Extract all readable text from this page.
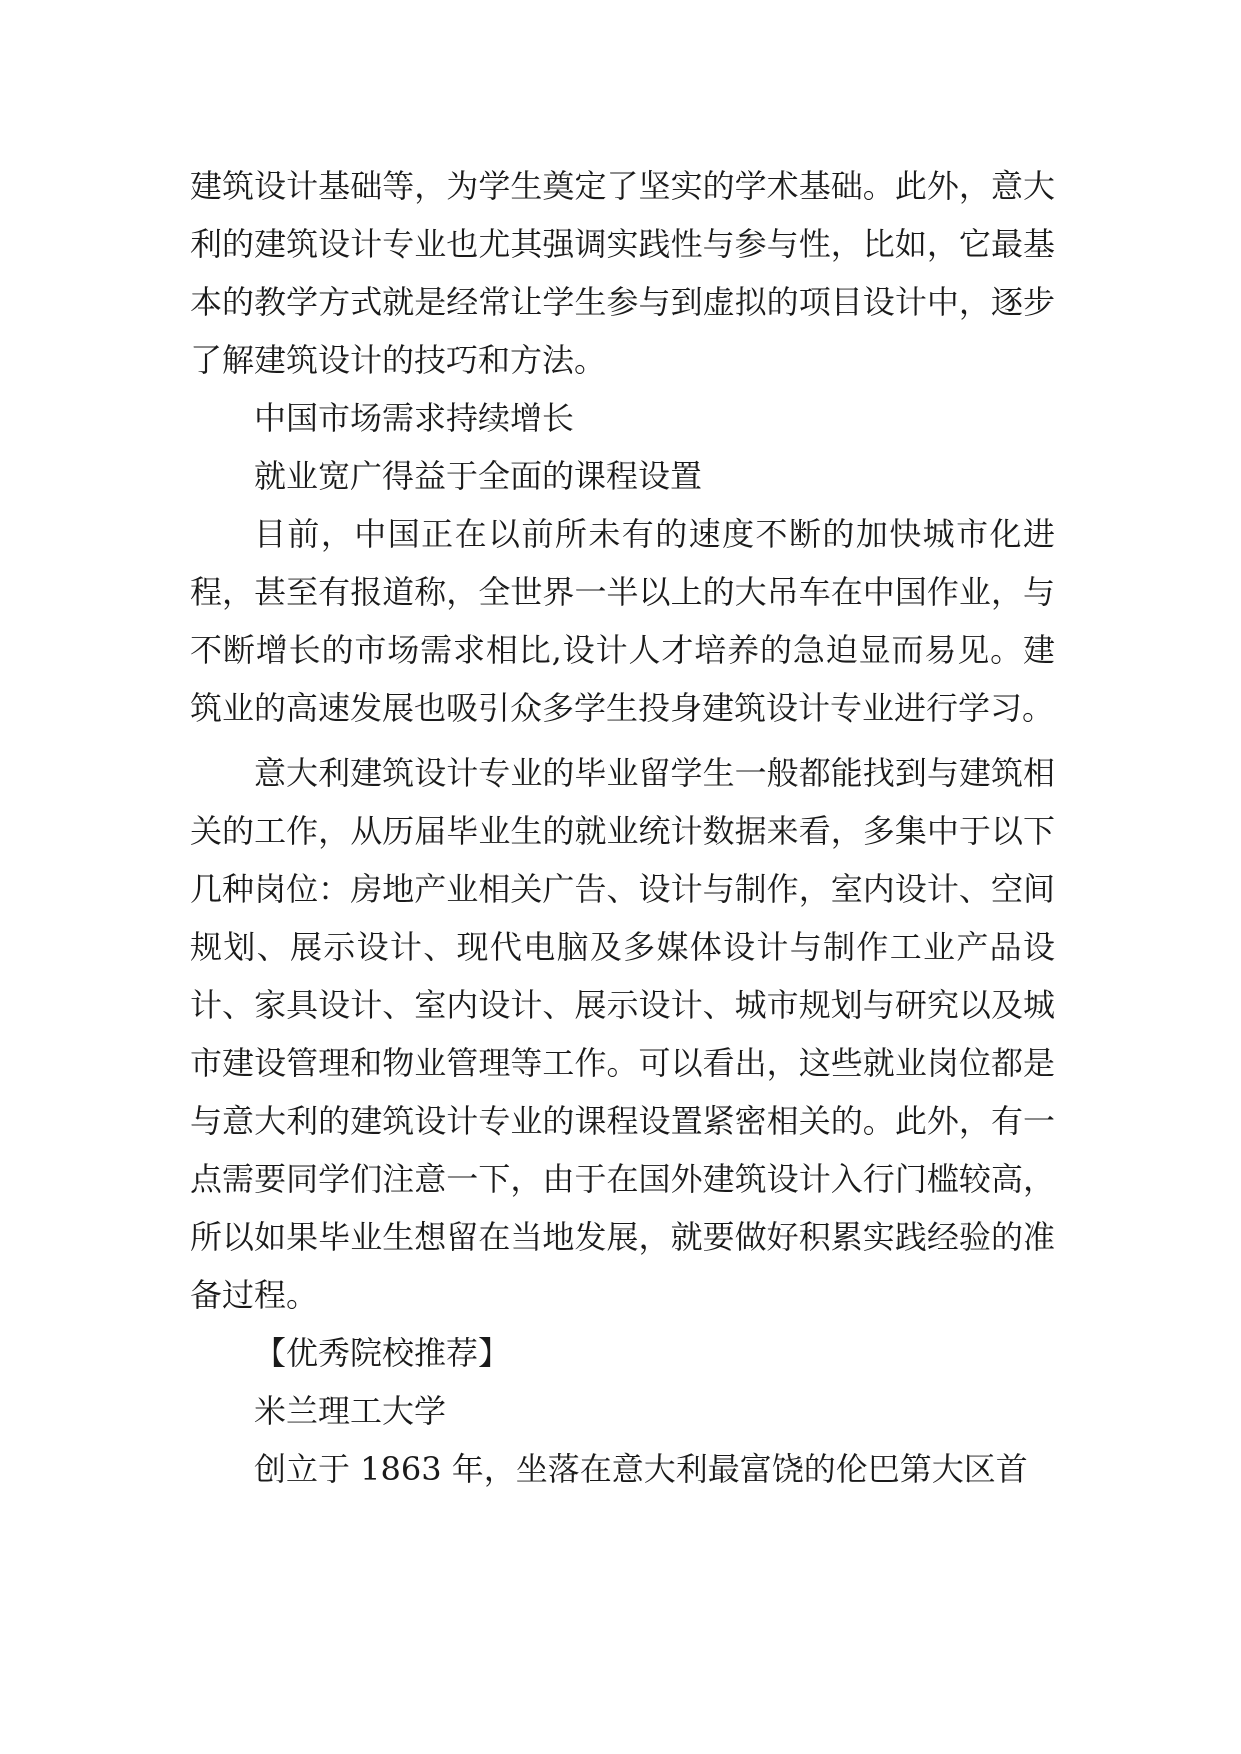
建筑设计基础等，为学生奠定了坚实的学术基础。此外，意大利的建筑设计专业也尤其强调实践性与参与性，比如，它最基本的教学方式就是经常让学生参与到虚拟的项目设计中，逐步了解建筑设计的技巧和方法。

中国市场需求持续增长

就业宽广得益于全面的课程设置

目前，中国正在以前所未有的速度不断的加快城市化进程，甚至有报道称，全世界一半以上的大吊车在中国作业，与不断增长的市场需求相比,设计人才培养的急迫显而易见。建筑业的高速发展也吸引众多学生投身建筑设计专业进行学习。

意大利建筑设计专业的毕业留学生一般都能找到与建筑相关的工作，从历届毕业生的就业统计数据来看，多集中于以下几种岗位：房地产业相关广告、设计与制作，室内设计、空间规划、展示设计、现代电脑及多媒体设计与制作工业产品设计、家具设计、室内设计、展示设计、城市规划与研究以及城市建设管理和物业管理等工作。可以看出，这些就业岗位都是与意大利的建筑设计专业的课程设置紧密相关的。此外，有一点需要同学们注意一下，由于在国外建筑设计入行门槛较高，所以如果毕业生想留在当地发展，就要做好积累实践经验的准备过程。

【优秀院校推荐】

米兰理工大学

创立于 1863 年，坐落在意大利最富饶的伦巴第大区首
